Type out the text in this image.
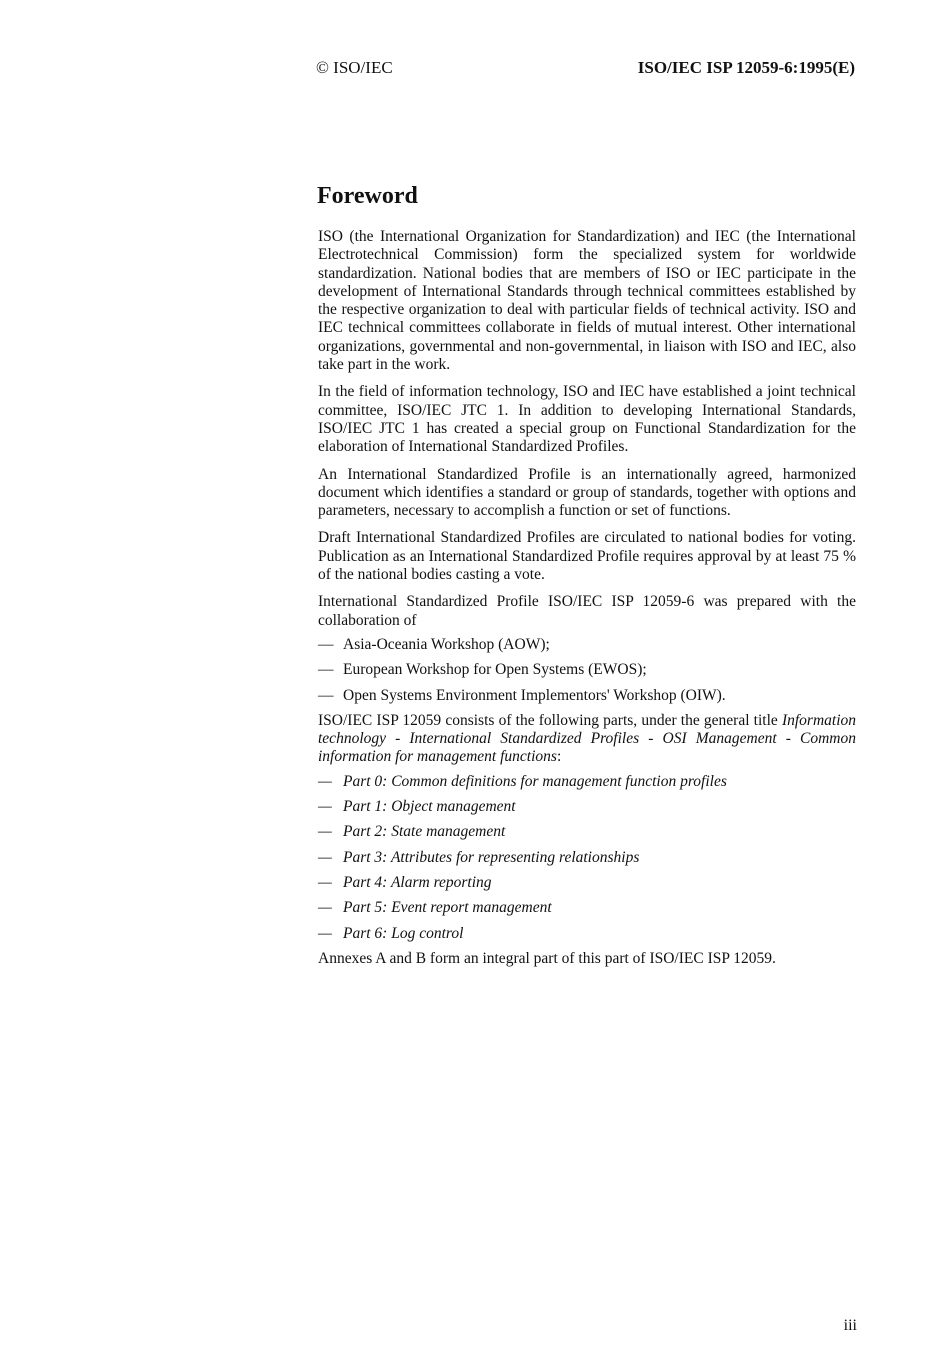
© ISO/IEC	ISO/IEC ISP 12059-6:1995(E)
Foreword

ISO (the International Organization for Standardization) and IEC (the International Electrotechnical Commission) form the specialized system for worldwide standardization. National bodies that are members of ISO or IEC participate in the development of International Standards through technical committees established by the respective organization to deal with particular fields of technical activity. ISO and IEC technical committees collaborate in fields of mutual interest. Other international organizations, governmental and non-governmental, in liaison with ISO and IEC, also take part in the work.

In the field of information technology, ISO and IEC have established a joint technical committee, ISO/IEC JTC 1. In addition to developing International Standards, ISO/IEC JTC 1 has created a special group on Functional Standardization for the elaboration of International Standardized Profiles.

An International Standardized Profile is an internationally agreed, harmonized document which identifies a standard or group of standards, together with options and parameters, necessary to accomplish a function or set of functions.

Draft International Standardized Profiles are circulated to national bodies for voting. Publication as an International Standardized Profile requires approval by at least 75 % of the national bodies casting a vote.

International Standardized Profile ISO/IEC ISP 12059-6 was prepared with the collaboration of

— Asia-Oceania Workshop (AOW);
— European Workshop for Open Systems (EWOS);
— Open Systems Environment Implementors' Workshop (OIW).

ISO/IEC ISP 12059 consists of the following parts, under the general title Information technology - International Standardized Profiles - OSI Management - Common information for management functions:

— Part 0: Common definitions for management function profiles
— Part 1: Object management
— Part 2: State management
— Part 3: Attributes for representing relationships
— Part 4: Alarm reporting
— Part 5: Event report management
— Part 6: Log control

Annexes A and B form an integral part of this part of ISO/IEC ISP 12059.

iii
